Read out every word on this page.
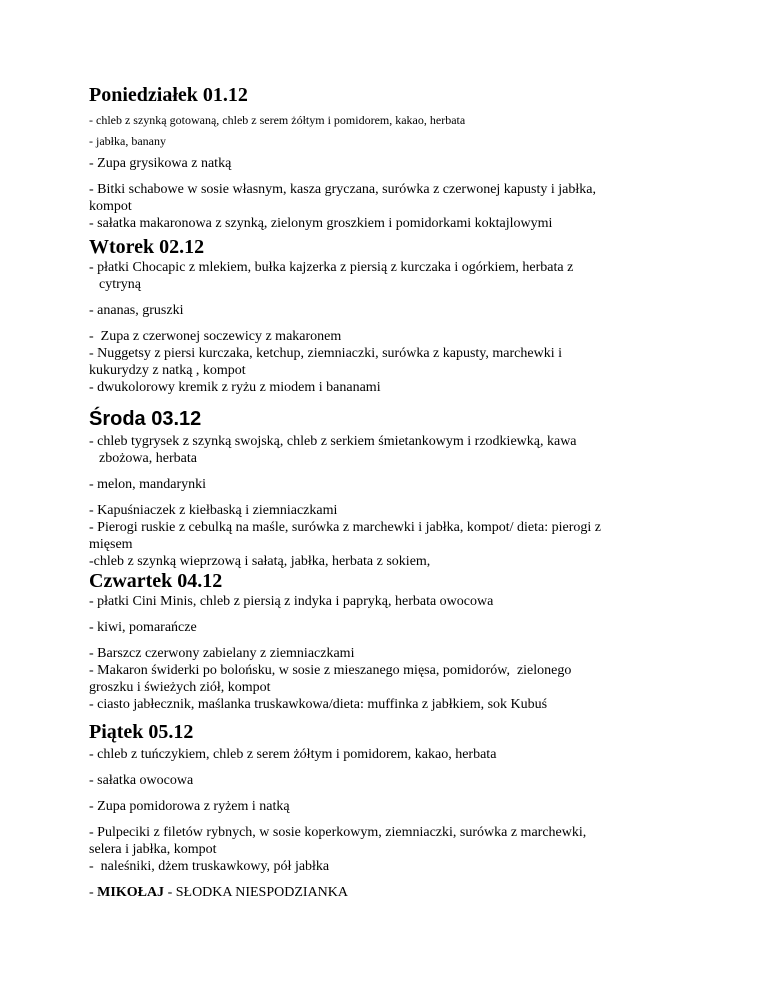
Poniedziałek 01.12

- chleb z szynką gotowaną, chleb z serem żółtym i pomidorem, kakao, herbata

- jabłka, banany

- Zupa grysikowa z natką

- Bitki schabowe w sosie własnym, kasza gryczana, surówka z czerwonej kapusty i jabłka,

kompot

- sałatka makaronowa z szynką, zielonym groszkiem i pomidorkami koktajlowymi

Wtorek 02.12

- płatki Chocapic z mlekiem, bułka kajzerka z piersią z kurczaka i ogórkiem, herbata z

cytryną

- ananas, gruszki

-  Zupa z czerwonej soczewicy z makaronem

- Nuggetsy z piersi kurczaka, ketchup, ziemniaczki, surówka z kapusty, marchewki i

kukurydzy z natką , kompot

- dwukolorowy kremik z ryżu z miodem i bananami

Środa 03.12

- chleb tygrysek z szynką swojską, chleb z serkiem śmietankowym i rzodkiewką, kawa

zbożowa, herbata

- melon, mandarynki

- Kapuśniaczek z kiełbaską i ziemniaczkami

- Pierogi ruskie z cebulką na maśle, surówka z marchewki i jabłka, kompot/ dieta: pierogi z

mięsem

-chleb z szynką wieprzową i sałatą, jabłka, herbata z sokiem,

Czwartek 04.12

- płatki Cini Minis, chleb z piersią z indyka i papryką, herbata owocowa

- kiwi, pomarańcze

- Barszcz czerwony zabielany z ziemniaczkami

- Makaron świderki po bolońsku, w sosie z mieszanego mięsa, pomidorów,  zielonego

groszku i świeżych ziół, kompot

- ciasto jabłecznik, maślanka truskawkowa/dieta: muffinka z jabłkiem, sok Kubuś

Piątek 05.12

- chleb z tuńczykiem, chleb z serem żółtym i pomidorem, kakao, herbata

- sałatka owocowa

- Zupa pomidorowa z ryżem i natką

- Pulpeciki z filetów rybnych, w sosie koperkowym, ziemniaczki, surówka z marchewki,

selera i jabłka, kompot

-  naleśniki, dżem truskawkowy, pół jabłka

- MIKOŁAJ - SŁODKA NIESPODZIANKA
